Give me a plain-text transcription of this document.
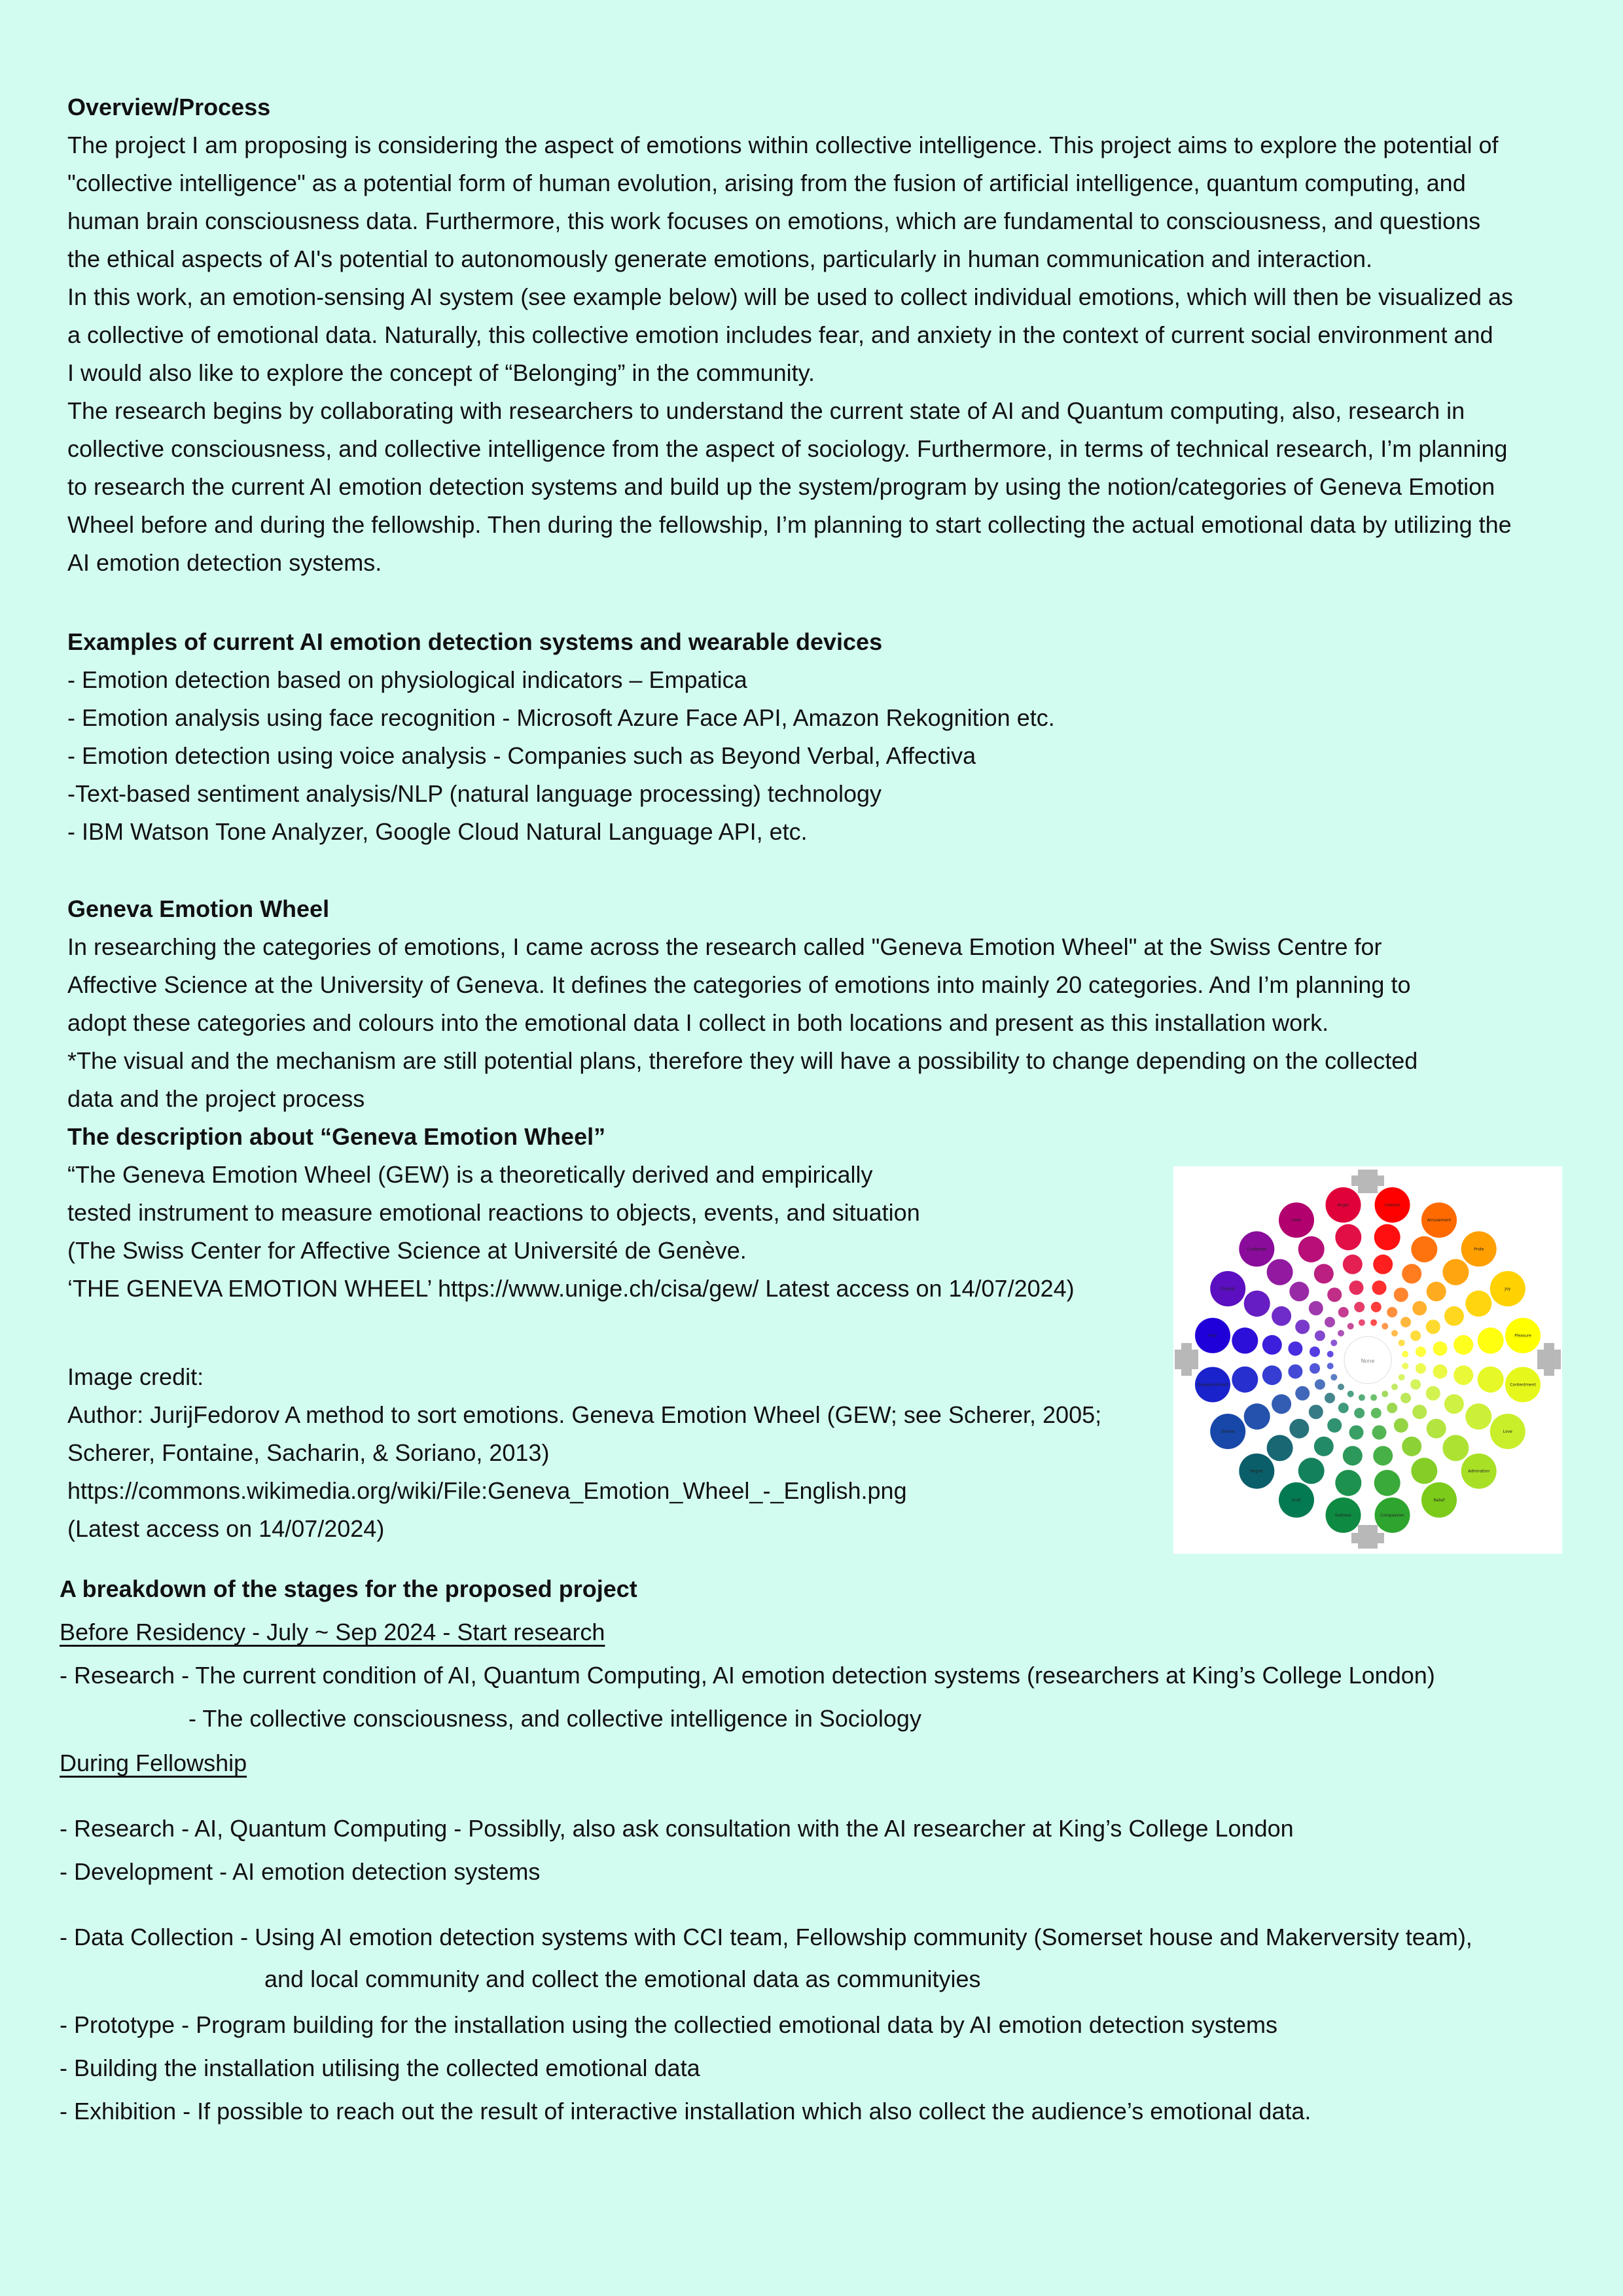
Overview/Process

The project I am proposing is considering the aspect of emotions within collective intelligence. This project aims to explore the potential of

"collective intelligence" as a potential form of human evolution, arising from the fusion of artificial intelligence, quantum computing, and

human brain consciousness data. Furthermore, this work focuses on emotions, which are fundamental to consciousness, and questions

the ethical aspects of AI's potential to autonomously generate emotions, particularly in human communication and interaction.

In this work, an emotion-sensing AI system (see example below) will be used to collect individual emotions, which will then be visualized as

a collective of emotional data. Naturally, this collective emotion includes fear, and anxiety in the context of current social environment and

I would also like to explore the concept of “Belonging” in the community.

The research begins by collaborating with researchers to understand the current state of AI and Quantum computing, also, research in

collective consciousness, and collective intelligence from the aspect of sociology. Furthermore, in terms of technical research, I’m planning

to research the current AI emotion detection systems and build up the system/program by using the notion/categories of Geneva Emotion

Wheel before and during the fellowship. Then during the fellowship, I’m planning to start collecting the actual emotional data by utilizing the

AI emotion detection systems.

Examples of current AI emotion detection systems and wearable devices

- Emotion detection based on physiological indicators – Empatica

- Emotion analysis using face recognition - Microsoft Azure Face API, Amazon Rekognition etc.

- Emotion detection using voice analysis - Companies such as Beyond Verbal, Affectiva

-Text-based sentiment analysis/NLP (natural language processing) technology

- IBM Watson Tone Analyzer, Google Cloud Natural Language API, etc.

Geneva Emotion Wheel

In researching the categories of emotions, I came across the research called "Geneva Emotion Wheel" at the Swiss Centre for

Affective Science at the University of Geneva. It defines the categories of emotions into mainly 20 categories. And I’m planning to

adopt these categories and colours into the emotional data I collect in both locations and present as this installation work.

*The visual and the mechanism are still potential plans, therefore they will have a possibility to change depending on the collected

data and the project process

The description about “Geneva Emotion Wheel”

“The Geneva Emotion Wheel (GEW) is a theoretically derived and empirically

tested instrument to measure emotional reactions to objects, events, and situation

(The Swiss Center for Affective Science at Université de Genève.

‘THE GENEVA EMOTION WHEEL’ https://www.unige.ch/cisa/gew/ Latest access on 14/07/2024)

Image credit:

Author: JurijFedorov A method to sort emotions. Geneva Emotion Wheel (GEW; see Scherer, 2005;

Scherer, Fontaine, Sacharin, & Soriano, 2013)

https://commons.wikimedia.org/wiki/File:Geneva_Emotion_Wheel_-_English.png

(Latest access on 14/07/2024)

Interest
Amusement
Pride
Joy
Pleasure
Contentment
Love
Admiration
Relief
Compassion
Sadness
Guilt
Regret
Shame
Disappointment
Fear
Disgust
Contempt
Hate
Anger
None

A breakdown of the stages for the proposed project

Before Residency - July ~ Sep 2024 - Start research

- Research - The current condition of AI, Quantum Computing, AI emotion detection systems (researchers at King’s College London)

- The collective consciousness, and collective intelligence in Sociology

During Fellowship

- Research - AI, Quantum Computing - Possiblly, also ask consultation with the AI researcher at King’s College London

- Development - AI emotion detection systems

- Data Collection - Using AI emotion detection systems with CCI team, Fellowship community (Somerset house and Makerversity team),

and local community and collect the emotional data as communityies

- Prototype - Program building for the installation using the collectied emotional data by AI emotion detection systems

- Building the installation utilising the collected emotional data

- Exhibition - If possible to reach out the result of interactive installation which also collect the audience’s emotional data.
